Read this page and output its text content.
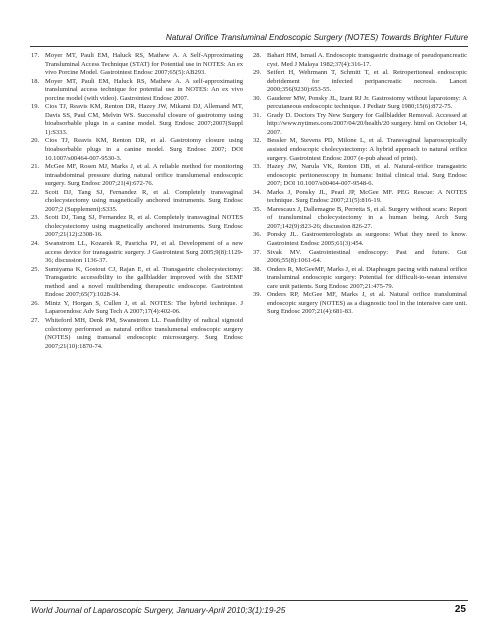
Natural Orifice Transluminal Endoscopic Surgery (NOTES) Towards Brighter Future

17. Moyer MT, Pauli EM, Haluck RS, Mathew A. A Self-Approximating Transluminal Access Technique (STAT) for Potential use in NOTES: An ex vivo Porcine Model. Gastrointest Endosc 2007;65(5):AB293.

18. Moyer MT, Pauli EM, Haluck RS, Mathew A. A self-approximating transluminal access technique for potential use in NOTES: An ex vivo porcine model (with video). Gastrointest Endosc 2007.

19. Cios TJ, Reavis KM, Renton DR, Hazey JW, Mikami DJ, Allemand MT, Davis SS, Paul CM, Melvin WS. Successful closure of gastrotomy using bioabsorbable plugs in a canine model. Surg Endosc 2007;2007(Suppl 1):S333.

20. Cios TJ, Reavis KM, Renton DR, et al. Gastrotomy closure using bioabsorbable plugs in a canine model. Surg Endosc 2007; DOI 10.1007/s00464-007-9530-3.

21. McGee MF, Rosen MJ, Marks J, et al. A reliable method for monitoring intraabdominal pressure during natural orifice translumenal endoscopic surgery. Surg Endosc 2007;21(4):672-76.

22. Scott DJ, Tang SJ, Fernandez R, et al. Completely transvaginal cholecystectomy using magnetically anchored instruments. Surg Endosc 2007;2 (Supplement):S335.

23. Scott DJ, Tang SJ, Fernandez R, et al. Completely transvaginal NOTES cholecystectomy using magnetically anchored instruments. Surg Endosc 2007;21(12):2308-16.

24. Swanstrom LL, Kozarek R, Pasricha PJ, et al. Development of a new access device for transgastric surgery. J Gastrointest Surg 2005;9(8):1129-36; discussion 1136-37.

25. Sumiyama K, Gostout CJ, Rajan E, et al. Transgastric cholecystectomy: Transgastric accessibility to the gallbladder improved with the SEMF method and a novel multibending therapeutic endoscope. Gastrointest Endosc 2007;65(7):1028-34.

26. Mintz Y, Horgan S, Cullen J, et al. NOTES: The hybrid technique. J Laparoendosc Adv Surg Tech A 2007;17(4):402-06.

27. Whiteford MH, Denk PM, Swanstrom LL. Feasibility of radical sigmoid colectomy performed as natural orifice translumenal endoscopic surgery (NOTES) using transanal endoscopic microsurgery. Surg Endosc 2007;21(10):1870-74.

28. Bahari HM, Ismail A. Endoscopic transgastric drainage of pseudopancreatic cyst. Med J Malaya 1982;37(4):316-17.

29. Seifert H, Wehrmann T, Schmitt T, et al. Retroperitoneal endoscopic debridement for infected peripancreatic necrosis. Lancet 2000;356(9230):653-55.

30. Gauderer MW, Ponsky JL, Izant RJ Jr. Gastrostomy without laparotomy: A percutaneous endoscopic technique. J Pediatr Surg 1980;15(6):872-75.

31. Grady D. Doctors Try New Surgery for Gallbladder Removal. Accessed at http://www.nytimes.com/2007/04/20/health/20 surgery. html on October 14, 2007.

32. Bessler M, Stevens PD, Milone L, et al. Transvaginal laparoscopically assisted endoscopic cholecystectomy: A hybrid approach to natural orifice surgery. Gastrointest Endosc 2007 (e-pub ahead of print).

33. Hazey JW, Narula VK, Renton DB, et al. Natural-orifice transgastric endoscopic peritoneoscopy in humans: Initial clinical trial. Surg Endosc 2007; DOI 10.1007/s00464-007-9548-6.

34. Marks J, Ponsky JL, Pearl JP, McGee MF. PEG Rescue: A NOTES technique. Surg Endosc 2007;21(5):816-19.

35. Marescaux J, Dallemagne B, Perretta S, et al. Surgery without scars: Report of transluminal cholecystectomy in a human being. Arch Surg 2007;142(9):823-26; discussion 826-27.

36. Ponsky JL. Gastroenterologists as surgeons: What they need to know. Gastrointest Endosc 2005;61(3):454.

37. Sivak MV. Gastrointestinal endoscopy: Past and future. Gut 2006;55(8):1061-64.

38. Onders R, McGeeMF, Marks J, et al. Diaphragm pacing with natural orifice transluminal endoscopic surgery: Potential for difficult-to-wean intensive care unit patients. Surg Endosc 2007;21:475-79.

39. Onders RP, McGee MF, Marks J, et al. Natural orifice transluminal endoscopic surgery (NOTES) as a diagnostic tool in the intensive care unit. Surg Endosc 2007;21(4):681-83.

World Journal of Laparoscopic Surgery, January-April 2010;3(1):19-25	25
